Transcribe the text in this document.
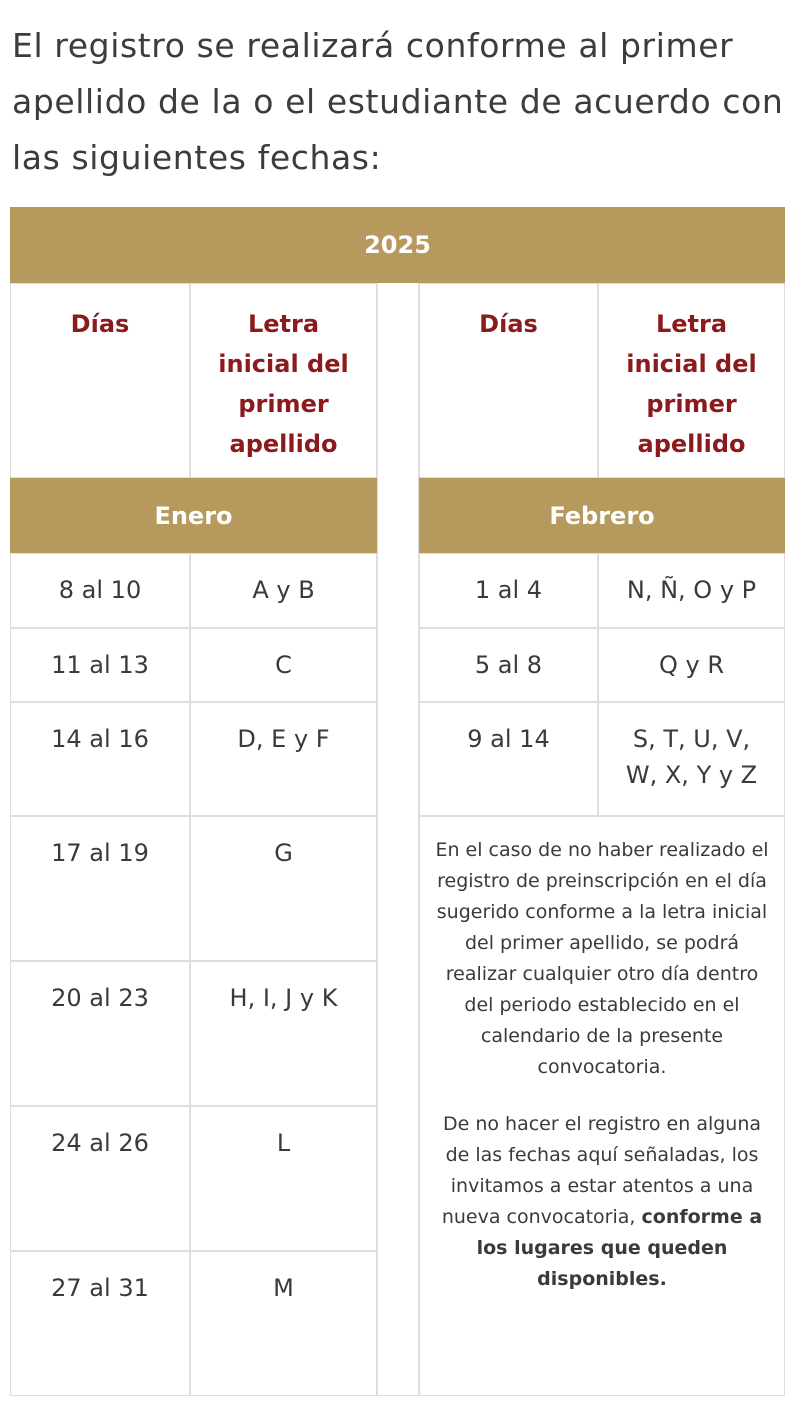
El registro se realizará conforme al primer apellido de la o el estudiante de acuerdo con las siguientes fechas:
2025
Días	Letra inicial del primer apellido
Días	Letra inicial del primer apellido
Enero	Febrero
8 al 10	A y B
11 al 13	C
14 al 16	D, E y F
17 al 19	G
20 al 23	H, I, J y K
24 al 26	L
27 al 31	M
1 al 4	N, Ñ, O y P
5 al 8	Q y R
9 al 14	S, T, U, V, W, X, Y y Z

En el caso de no haber realizado el registro de preinscripción en el día sugerido conforme a la letra inicial del primer apellido, se podrá realizar cualquier otro día dentro del periodo establecido en el calendario de la presente convocatoria.

De no hacer el registro en alguna de las fechas aquí señaladas, los invitamos a estar atentos a una nueva convocatoria, conforme a los lugares que queden disponibles.
